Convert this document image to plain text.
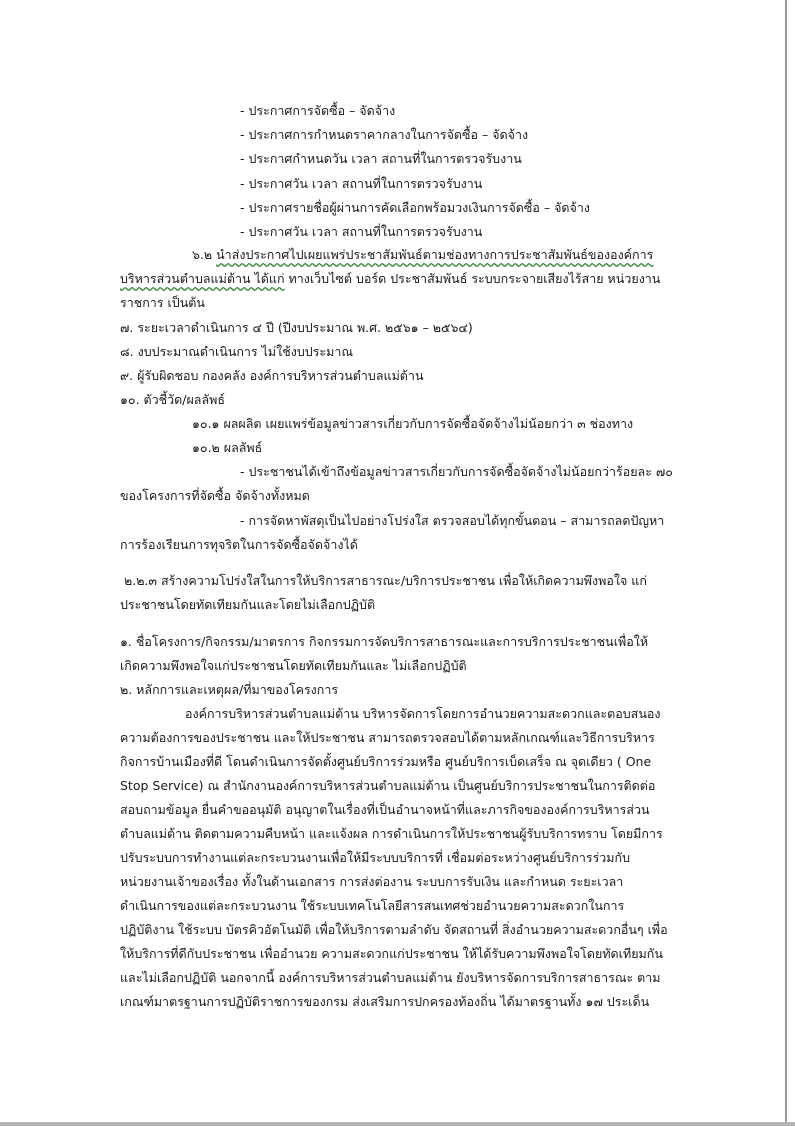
- ประกาศการจัดซื้อ – จัดจ้าง
- ประกาศการกำหนดราคากลางในการจัดซื้อ – จัดจ้าง
- ประกาศกำหนดวัน เวลา สถานที่ในการตรวจรับงาน
- ประกาศวัน เวลา สถานที่ในการตรวจรับงาน
- ประกาศรายชื่อผู้ผ่านการคัดเลือกพร้อมวงเงินการจัดซื้อ – จัดจ้าง
- ประกาศวัน เวลา สถานที่ในการตรวจรับงาน
๖.๒ นำส่งประกาศไปเผยแพร่ประชาสัมพันธ์ตามช่องทางการประชาสัมพันธ์ขององค์การ
บริหารส่วนตำบลแม่ต้าน ได้แก่ ทางเว็บไซต์ บอร์ด ประชาสัมพันธ์ ระบบกระจายเสียงไร้สาย หน่วยงาน
ราชการ เป็นต้น
๗. ระยะเวลาดำเนินการ ๔ ปี (ปีงบประมาณ พ.ศ. ๒๕๖๑ – ๒๕๖๔)
๘. งบประมาณดำเนินการ ไม่ใช้งบประมาณ
๙. ผู้รับผิดชอบ กองคลัง องค์การบริหารส่วนตำบลแม่ต้าน
๑๐. ตัวชี้วัด/ผลลัพธ์
๑๐.๑ ผลผลิต เผยแพร่ข้อมูลข่าวสารเกี่ยวกับการจัดซื้อจัดจ้างไม่น้อยกว่า ๓ ช่องทาง
๑๐.๒ ผลลัพธ์
- ประชาชนได้เข้าถึงข้อมูลข่าวสารเกี่ยวกับการจัดซื้อจัดจ้างไม่น้อยกว่าร้อยละ ๗๐
ของโครงการที่จัดซื้อ จัดจ้างทั้งหมด
- การจัดหาพัสดุเป็นไปอย่างโปร่งใส ตรวจสอบได้ทุกขั้นตอน – สามารถลดปัญหา
การร้องเรียนการทุจริตในการจัดซื้อจัดจ้างได้
๒.๒.๓ สร้างความโปร่งใสในการให้บริการสาธารณะ/บริการประชาชน เพื่อให้เกิดความพึงพอใจ แก่
ประชาชนโดยทัดเทียมกันและโดยไม่เลือกปฏิบัติ
๑. ชื่อโครงการ/กิจกรรม/มาตรการ กิจกรรมการจัดบริการสาธารณะและการบริการประชาชนเพื่อให้
เกิดความพึงพอใจแก่ประชาชนโดยทัดเทียมกันและ ไม่เลือกปฏิบัติ
๒. หลักการและเหตุผล/ที่มาของโครงการ
องค์การบริหารส่วนตำบลแม่ต้าน บริหารจัดการโดยการอำนวยความสะดวกและตอบสนอง
ความต้องการของประชาชน และให้ประชาชน สามารถตรวจสอบได้ตามหลักเกณฑ์และวิธีการบริหาร
กิจการบ้านเมืองที่ดี โดนดำเนินการจัดตั้งศูนย์บริการร่วมหรือ ศูนย์บริการเบ็ดเสร็จ ณ จุดเดียว ( One
Stop Service) ณ สำนักงานองค์การบริหารส่วนตำบลแม่ต้าน เป็นศูนย์บริการประชาชนในการติดต่อ
สอบถามข้อมูล ยื่นคำขออนุมัติ อนุญาตในเรื่องที่เป็นอำนาจหน้าที่และภารกิจขององค์การบริหารส่วน
ตำบลแม่ต้าน ติดตามความคืบหน้า และแจ้งผล การดำเนินการให้ประชาชนผู้รับบริการทราบ โดยมีการ
ปรับระบบการทำงานแต่ละกระบวนงานเพื่อให้มีระบบบริการที่ เชื่อมต่อระหว่างศูนย์บริการร่วมกับ
หน่วยงานเจ้าของเรื่อง ทั้งในด้านเอกสาร การส่งต่องาน ระบบการรับเงิน และกำหนด ระยะเวลา
ดำเนินการของแต่ละกระบวนงาน ใช้ระบบเทคโนโลยีสารสนเทศช่วยอำนวยความสะดวกในการ
ปฏิบัติงาน ใช้ระบบ บัตรคิวอัตโนมัติ เพื่อให้บริการตามลำดับ จัดสถานที่ สิ่งอำนวยความสะดวกอื่นๆ เพื่อ
ให้บริการที่ดีกับประชาชน เพื่ออำนวย ความสะดวกแก่ประชาชน ให้ได้รับความพึงพอใจโดยทัดเทียมกัน
และไม่เลือกปฏิบัติ นอกจากนี้ องค์การบริหารส่วนตำบลแม่ต้าน ยังบริหารจัดการบริการสาธารณะ ตาม
เกณฑ์มาตรฐานการปฏิบัติราชการของกรม ส่งเสริมการปกครองท้องถิ่น ได้มาตรฐานทั้ง ๑๗ ประเด็น
